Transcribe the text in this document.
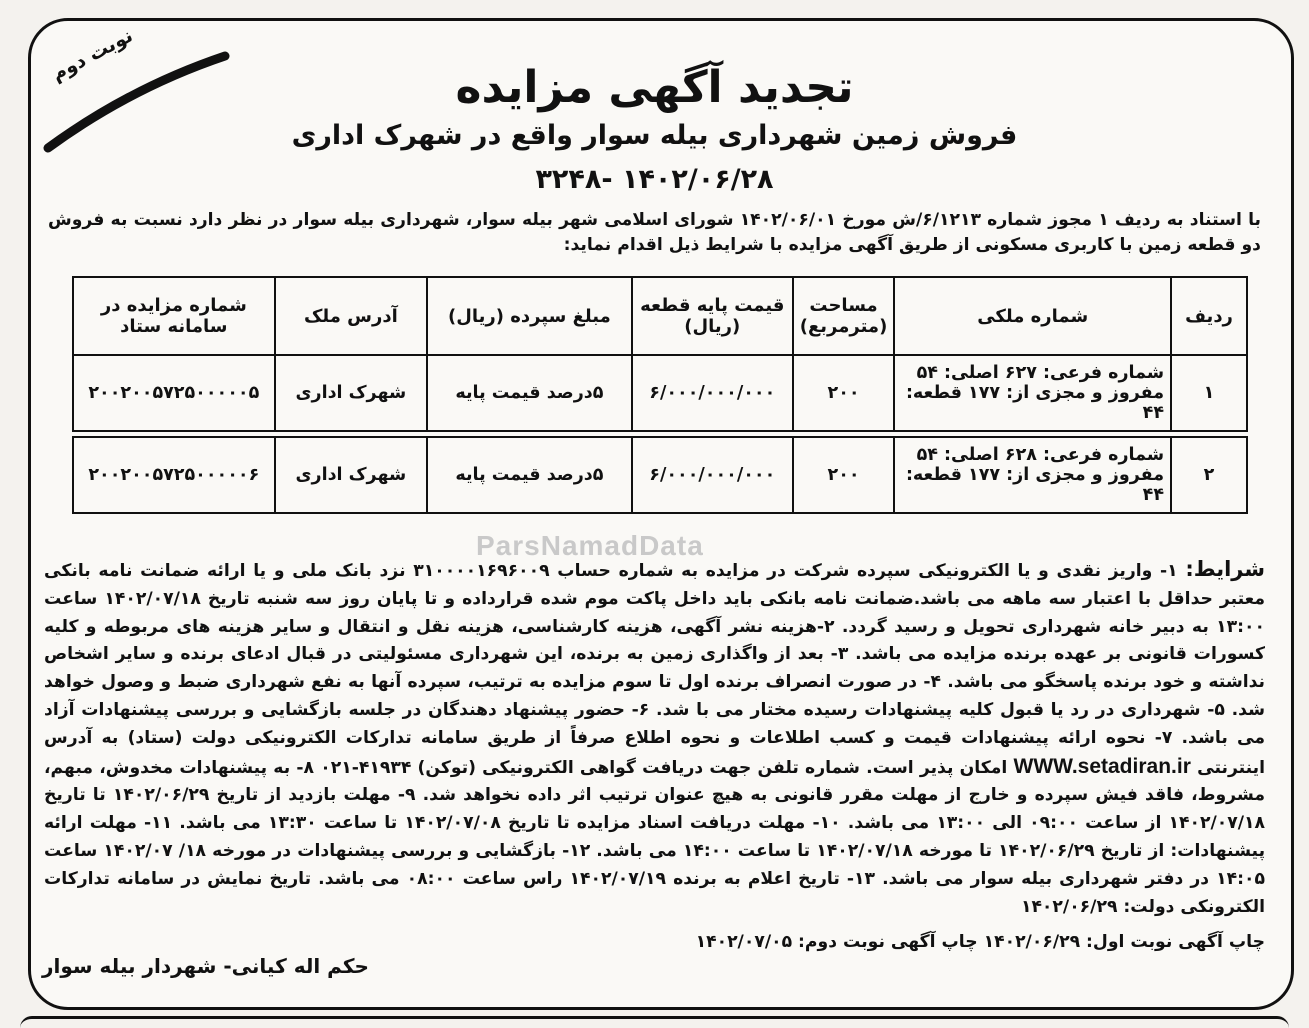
نوبت دوم
تجدید آگهی مزایده
فروش زمین شهرداری بیله سوار واقع در شهرک اداری
۳۲۴۸- ۱۴۰۲/۰۶/۲۸
با استناد به ردیف ۱ مجوز شماره ۶/۱۲۱۳/ش مورخ ۱۴۰۲/۰۶/۰۱ شورای اسلامی شهر بیله سوار، شهرداری بیله سوار در نظر دارد نسبت به فروش دو قطعه زمین با کاربری مسکونی از طریق آگهی مزایده با شرایط ذیل اقدام نماید:
ردیف	شماره ملکی	مساحت (مترمربع)	قیمت پایه قطعه (ریال)	مبلغ سپرده (ریال)	آدرس ملک	شماره مزایده در سامانه ستاد
۱	شماره فرعی: ۶۲۷ اصلی: ۵۴
مفروز و مجزی از: ۱۷۷ قطعه: ۴۴	۲۰۰	۶/۰۰۰/۰۰۰/۰۰۰	۵درصد قیمت پایه	شهرک اداری	۲۰۰۲۰۰۵۷۲۵۰۰۰۰۰۵

۲	شماره فرعی: ۶۲۸ اصلی: ۵۴
مفروز و مجزی از: ۱۷۷ قطعه: ۴۴	۲۰۰	۶/۰۰۰/۰۰۰/۰۰۰	۵درصد قیمت پایه	شهرک اداری	۲۰۰۲۰۰۵۷۲۵۰۰۰۰۰۶
ParsNamadData
شرایط: ۱- واریز نقدی و یا الکترونیکی سپرده شرکت در مزایده به شماره حساب ۳۱۰۰۰۰۱۶۹۶۰۰۹ نزد بانک ملی و یا ارائه ضمانت نامه بانکی معتبر حداقل با اعتبار سه ماهه می باشد.ضمانت نامه بانکی باید داخل پاکت موم شده قرارداده و تا پایان روز سه شنبه تاریخ ۱۴۰۲/۰۷/۱۸ ساعت ۱۳:۰۰ به دبیر خانه شهرداری تحویل و رسید گردد. ۲-هزینه نشر آگهی، هزینه کارشناسی، هزینه نقل و انتقال و سایر هزینه های مربوطه و کلیه کسورات قانونی بر عهده برنده مزایده می باشد. ۳- بعد از واگذاری زمین به برنده، این شهرداری مسئولیتی در قبال ادعای برنده و سایر اشخاص نداشته و خود برنده پاسخگو می باشد. ۴- در صورت انصراف برنده اول تا سوم مزایده به ترتیب، سپرده آنها به نفع شهرداری ضبط و وصول خواهد شد. ۵- شهرداری در رد یا قبول کلیه پیشنهادات رسیده مختار می با شد. ۶- حضور پیشنهاد دهندگان در جلسه بازگشایی و بررسی پیشنهادات آزاد می باشد. ۷- نحوه ارائه پیشنهادات قیمت و کسب اطلاعات و نحوه اطلاع صرفاً از طریق سامانه تدارکات الکترونیکی دولت (ستاد) به آدرس اینترنتی WWW.setadiran.ir امکان پذیر است. شماره تلفن جهت دریافت گواهی الکترونیکی (توکن) ۴۱۹۳۴-۰۲۱ ۸- به پیشنهادات مخدوش، مبهم، مشروط، فاقد فیش سپرده و خارج از مهلت مقرر قانونی به هیچ عنوان ترتیب اثر داده نخواهد شد. ۹- مهلت بازدید از تاریخ ۱۴۰۲/۰۶/۲۹ تا تاریخ ۱۴۰۲/۰۷/۱۸ از ساعت ۰۹:۰۰ الی ۱۳:۰۰ می باشد. ۱۰- مهلت دریافت اسناد مزایده تا تاریخ ۱۴۰۲/۰۷/۰۸ تا ساعت ۱۳:۳۰ می باشد. ۱۱- مهلت ارائه پیشنهادات: از تاریخ ۱۴۰۲/۰۶/۲۹ تا مورخه ۱۴۰۲/۰۷/۱۸ تا ساعت ۱۴:۰۰ می باشد. ۱۲- بازگشایی و بررسی پیشنهادات در مورخه ۱۸/ ۱۴۰۲/۰۷ ساعت ۱۴:۰۵ در دفتر شهرداری بیله سوار می باشد. ۱۳- تاریخ اعلام به برنده ۱۴۰۲/۰۷/۱۹ راس ساعت ۰۸:۰۰ می باشد. تاریخ نمایش در سامانه تدارکات الکترونکی دولت: ۱۴۰۲/۰۶/۲۹
چاپ آگهی نوبت اول: ۱۴۰۲/۰۶/۲۹ چاپ آگهی نوبت دوم: ۱۴۰۲/۰۷/۰۵
حکم اله کیانی- شهردار بیله سوار
